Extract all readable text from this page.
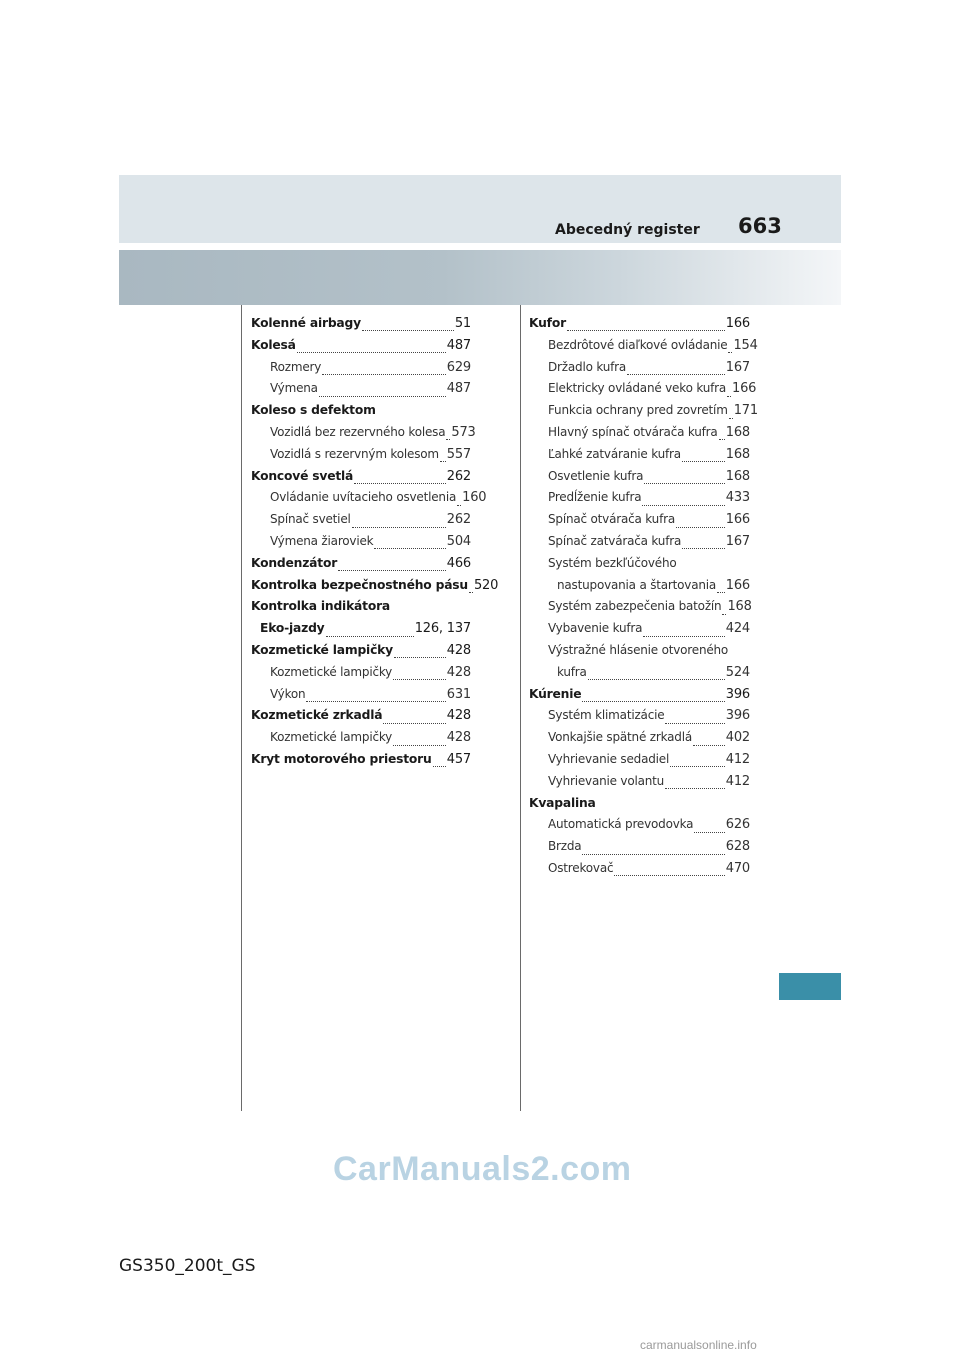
Abecedný register 663
Kolenné airbagy	51
Kolesá	487
Rozmery	629
Výmena	487
Koleso s defektom
Vozidlá bez rezervného kolesa 573
Vozidlá s rezervným kolesom 557
Koncové svetlá	262
Ovládanie uvítacieho osvetlenia 160
Spínač svetiel	262
Výmena žiaroviek	504
Kondenzátor	466
Kontrolka bezpečnostného pásu 520
Kontrolka indikátora
Eko-jazdy	126, 137
Kozmetické lampičky	428
Kozmetické lampičky	428
Výkon	631
Kozmetické zrkadlá	428
Kozmetické lampičky	428
Kryt motorového priestoru 457
Kufor	166
Bezdrôtové diaľkové ovládanie 154
Držadlo kufra	167
Elektricky ovládané veko kufra 166
Funkcia ochrany pred zovretím 171
Hlavný spínač otvárača kufra 168
Ľahké zatváranie kufra	168
Osvetlenie kufra	168
Predĺženie kufra	433
Spínač otvárača kufra	166
Spínač zatvárača kufra	167
Systém bezkľúčového
nastupovania a štartovania 166
Systém zabezpečenia batožín 168
Vybavenie kufra	424
Výstražné hlásenie otvoreného
kufra	524
Kúrenie	396
Systém klimatizácie	396
Vonkajšie spätné zrkadlá	402
Vyhrievanie sedadiel	412
Vyhrievanie volantu	412
Kvapalina
Automatická prevodovka 626
Brzda	628
Ostrekovač	470
GS350_200t_GS
CarManuals2.com
carmanualsonline.info
